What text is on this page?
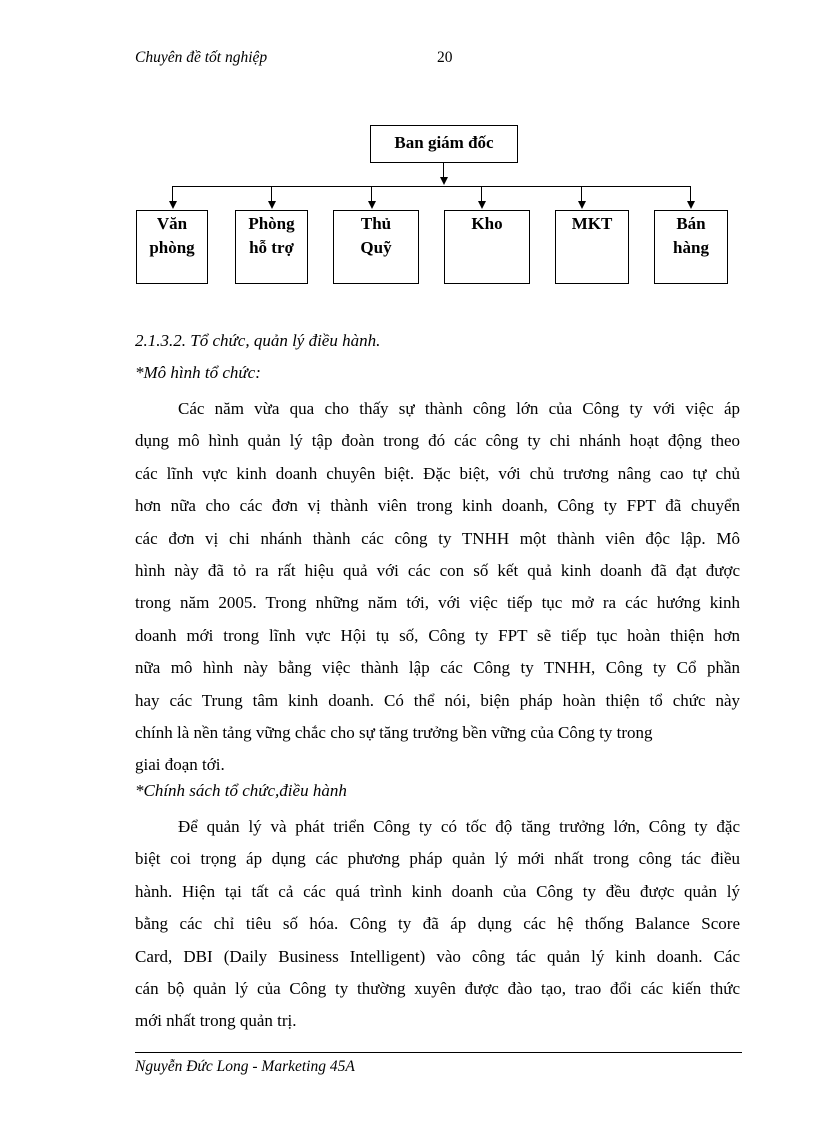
Chuyên đề tốt nghiệp	20
Ban giám đốc
Văn
phòng
Phòng
hỗ trợ
Thủ
Quỹ
Kho	MKT	Bán
hàng
2.1.3.2. Tổ chức, quản lý điều hành.
*Mô hình tổ chức:
Các năm vừa qua cho thấy sự thành công lớn của Công ty với việc áp
dụng mô hình quản lý tập đoàn trong đó các công ty chi nhánh hoạt động theo
các lĩnh vực kinh doanh chuyên biệt. Đặc biệt, với chủ trương nâng cao tự chủ
hơn nữa cho các đơn vị thành viên trong kinh doanh, Công ty FPT đã chuyển
các đơn vị chi nhánh thành các công ty TNHH một thành viên độc lập. Mô
hình này đã tỏ ra rất hiệu quả với các con số kết quả kinh doanh đã đạt được
trong năm 2005. Trong những năm tới, với việc tiếp tục mở ra các hướng kinh
doanh mới trong lĩnh vực Hội tụ số, Công ty FPT sẽ tiếp tục hoàn thiện hơn
nữa mô hình này bằng việc thành lập các Công ty TNHH, Công ty Cổ phần
hay các Trung tâm kinh doanh. Có thể nói, biện pháp hoàn thiện tổ chức này
chính là nền tảng vững chắc cho sự tăng trưởng bền vững của Công ty trong
giai đoạn tới.
*Chính sách tổ chức,điều hành
Để quản lý và phát triển Công ty có tốc độ tăng trưởng lớn, Công ty đặc
biệt coi trọng áp dụng các phương pháp quản lý mới nhất trong công tác điều
hành. Hiện tại tất cả các quá trình kinh doanh của Công ty đều được quản lý
bằng các chỉ tiêu số hóa. Công ty đã áp dụng các hệ thống Balance Score
Card, DBI (Daily Business Intelligent) vào công tác quản lý kinh doanh. Các
cán bộ quản lý của Công ty thường xuyên được đào tạo, trao đổi các kiến thức
mới nhất trong quản trị.
Nguyễn Đức Long - Marketing 45A
